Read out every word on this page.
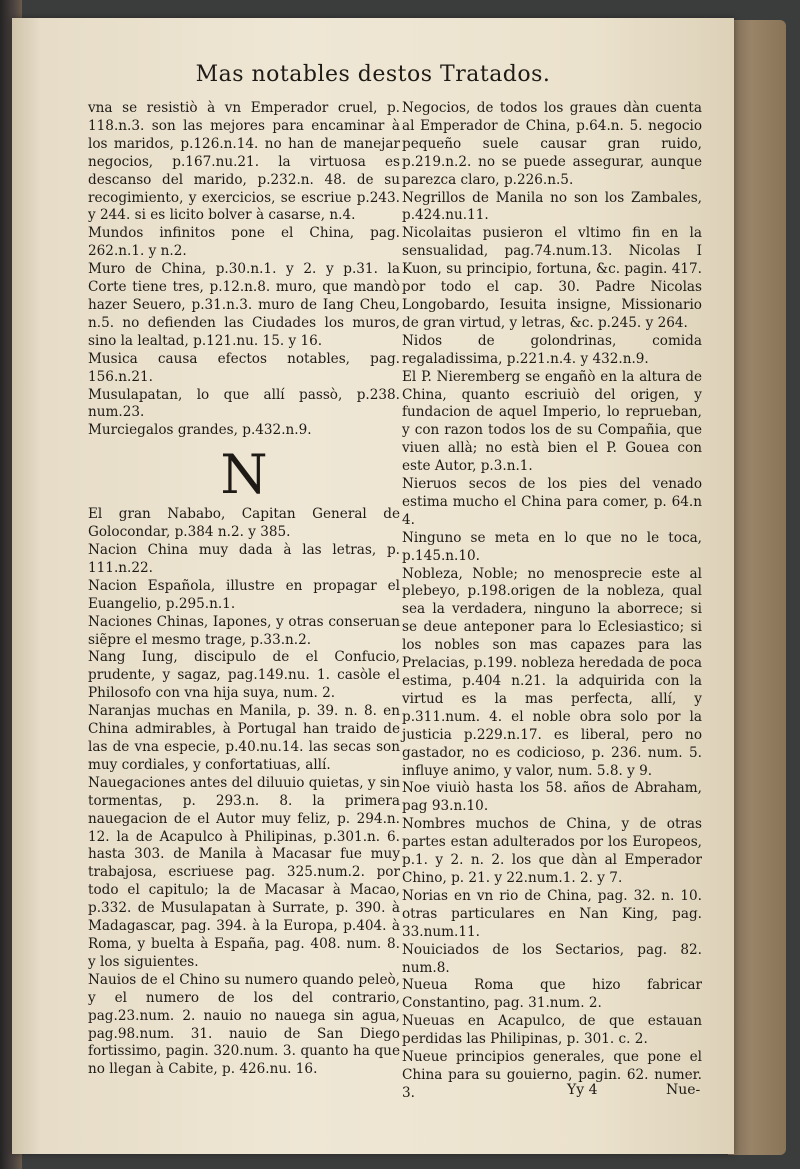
Mas notables destos Tratados.

vna se resistiò à vn Emperador cruel, p. 118.n.3. son las mejores para encaminar à los maridos, p.126.n.14. no han de manejar negocios, p.167.nu.21. la virtuosa es descanso del marido, p.232.n. 48. de su recogimiento, y exercicios, se escriue p.243. y 244. si es licito bolver à casarse, n.4.

Mundos infinitos pone el China, pag. 262.n.1. y n.2.

Muro de China, p.30.n.1. y 2. y p.31. la Corte tiene tres, p.12.n.8. muro, que mandò hazer Seuero, p.31.n.3. muro de Iang Cheu, n.5. no defienden las Ciudades los muros, sino la lealtad, p.121.nu. 15. y 16.

Musica causa efectos notables, pag. 156.n.21.

Musulapatan, lo que allí passò, p.238. num.23.

Murciegalos grandes, p.432.n.9.

N

El gran Nababo, Capitan General de Golocondar, p.384 n.2. y 385.

Nacion China muy dada à las letras, p. 111.n.22.

Nacion Española, illustre en propagar el Euangelio, p.295.n.1.

Naciones Chinas, Iapones, y otras conseruan siẽpre el mesmo trage, p.33.n.2.

Nang Iung, discipulo de el Confucio, prudente, y sagaz, pag.149.nu. 1. casòle el Philosofo con vna hija suya, num. 2.

Naranjas muchas en Manila, p. 39. n. 8. en China admirables, à Portugal han traido de las de vna especie, p.40.nu.14. las secas son muy cordiales, y confortatiuas, allí.

Nauegaciones antes del diluuio quietas, y sin tormentas, p. 293.n. 8. la primera nauegacion de el Autor muy feliz, p. 294.n. 12. la de Acapulco à Philipinas, p.301.n. 6. hasta 303. de Manila à Macasar fue muy trabajosa, escriuese pag. 325.num.2. por todo el capitulo; la de Macasar à Macao, p.332. de Musulapatan à Surrate, p. 390. à Madagascar, pag. 394. à la Europa, p.404. à Roma, y buelta à España, pag. 408. num. 8. y los siguientes.

Nauios de el Chino su numero quando peleò, y el numero de los del contrario, pag.23.num. 2. nauio no nauega sin agua, pag.98.num. 31. nauio de San Diego fortissimo, pagin. 320.num. 3. quanto ha que no llegan à Cabite, p. 426.nu. 16.

Negocios, de todos los graues dàn cuenta al Emperador de China, p.64.n. 5. negocio pequeño suele causar gran ruido, p.219.n.2. no se puede assegurar, aunque parezca claro, p.226.n.5.

Negrillos de Manila no son los Zambales, p.424.nu.11.

Nicolaitas pusieron el vltimo fin en la sensualidad, pag.74.num.13. Nicolas I Kuon, su principio, fortuna, &c. pagin. 417. por todo el cap. 30. Padre Nicolas Longobardo, Iesuita insigne, Missionario de gran virtud, y letras, &c. p.245. y 264.

Nidos de golondrinas, comida regaladissima, p.221.n.4. y 432.n.9.

El P. Nieremberg se engañò en la altura de China, quanto escriuiò del origen, y fundacion de aquel Imperio, lo reprueban, y con razon todos los de su Compañia, que viuen allà; no està bien el P. Gouea con este Autor, p.3.n.1.

Nieruos secos de los pies del venado estima mucho el China para comer, p. 64.n 4.

Ninguno se meta en lo que no le toca, p.145.n.10.

Nobleza, Noble; no menosprecie este al plebeyo, p.198.origen de la nobleza, qual sea la verdadera, ninguno la aborrece; si se deue anteponer para lo Eclesiastico; si los nobles son mas capazes para las Prelacias, p.199. nobleza heredada de poca estima, p.404 n.21. la adquirida con la virtud es la mas perfecta, allí, y p.311.num. 4. el noble obra solo por la justicia p.229.n.17. es liberal, pero no gastador, no es codicioso, p. 236. num. 5. influye animo, y valor, num. 5.8. y 9.

Noe viuiò hasta los 58. años de Abraham, pag 93.n.10.

Nombres muchos de China, y de otras partes estan adulterados por los Europeos, p.1. y 2. n. 2. los que dàn al Emperador Chino, p. 21. y 22.num.1. 2. y 7.

Norias en vn rio de China, pag. 32. n. 10. otras particulares en Nan King, pag. 33.num.11.

Nouiciados de los Sectarios, pag. 82. num.8.

Nueua Roma que hizo fabricar Constantino, pag. 31.num. 2.

Nueuas en Acapulco, de que estauan perdidas las Philipinas, p. 301. c. 2.

Nueue principios generales, que pone el China para su gouierno, pagin. 62. numer. 3.	Yy 4	Nue-
